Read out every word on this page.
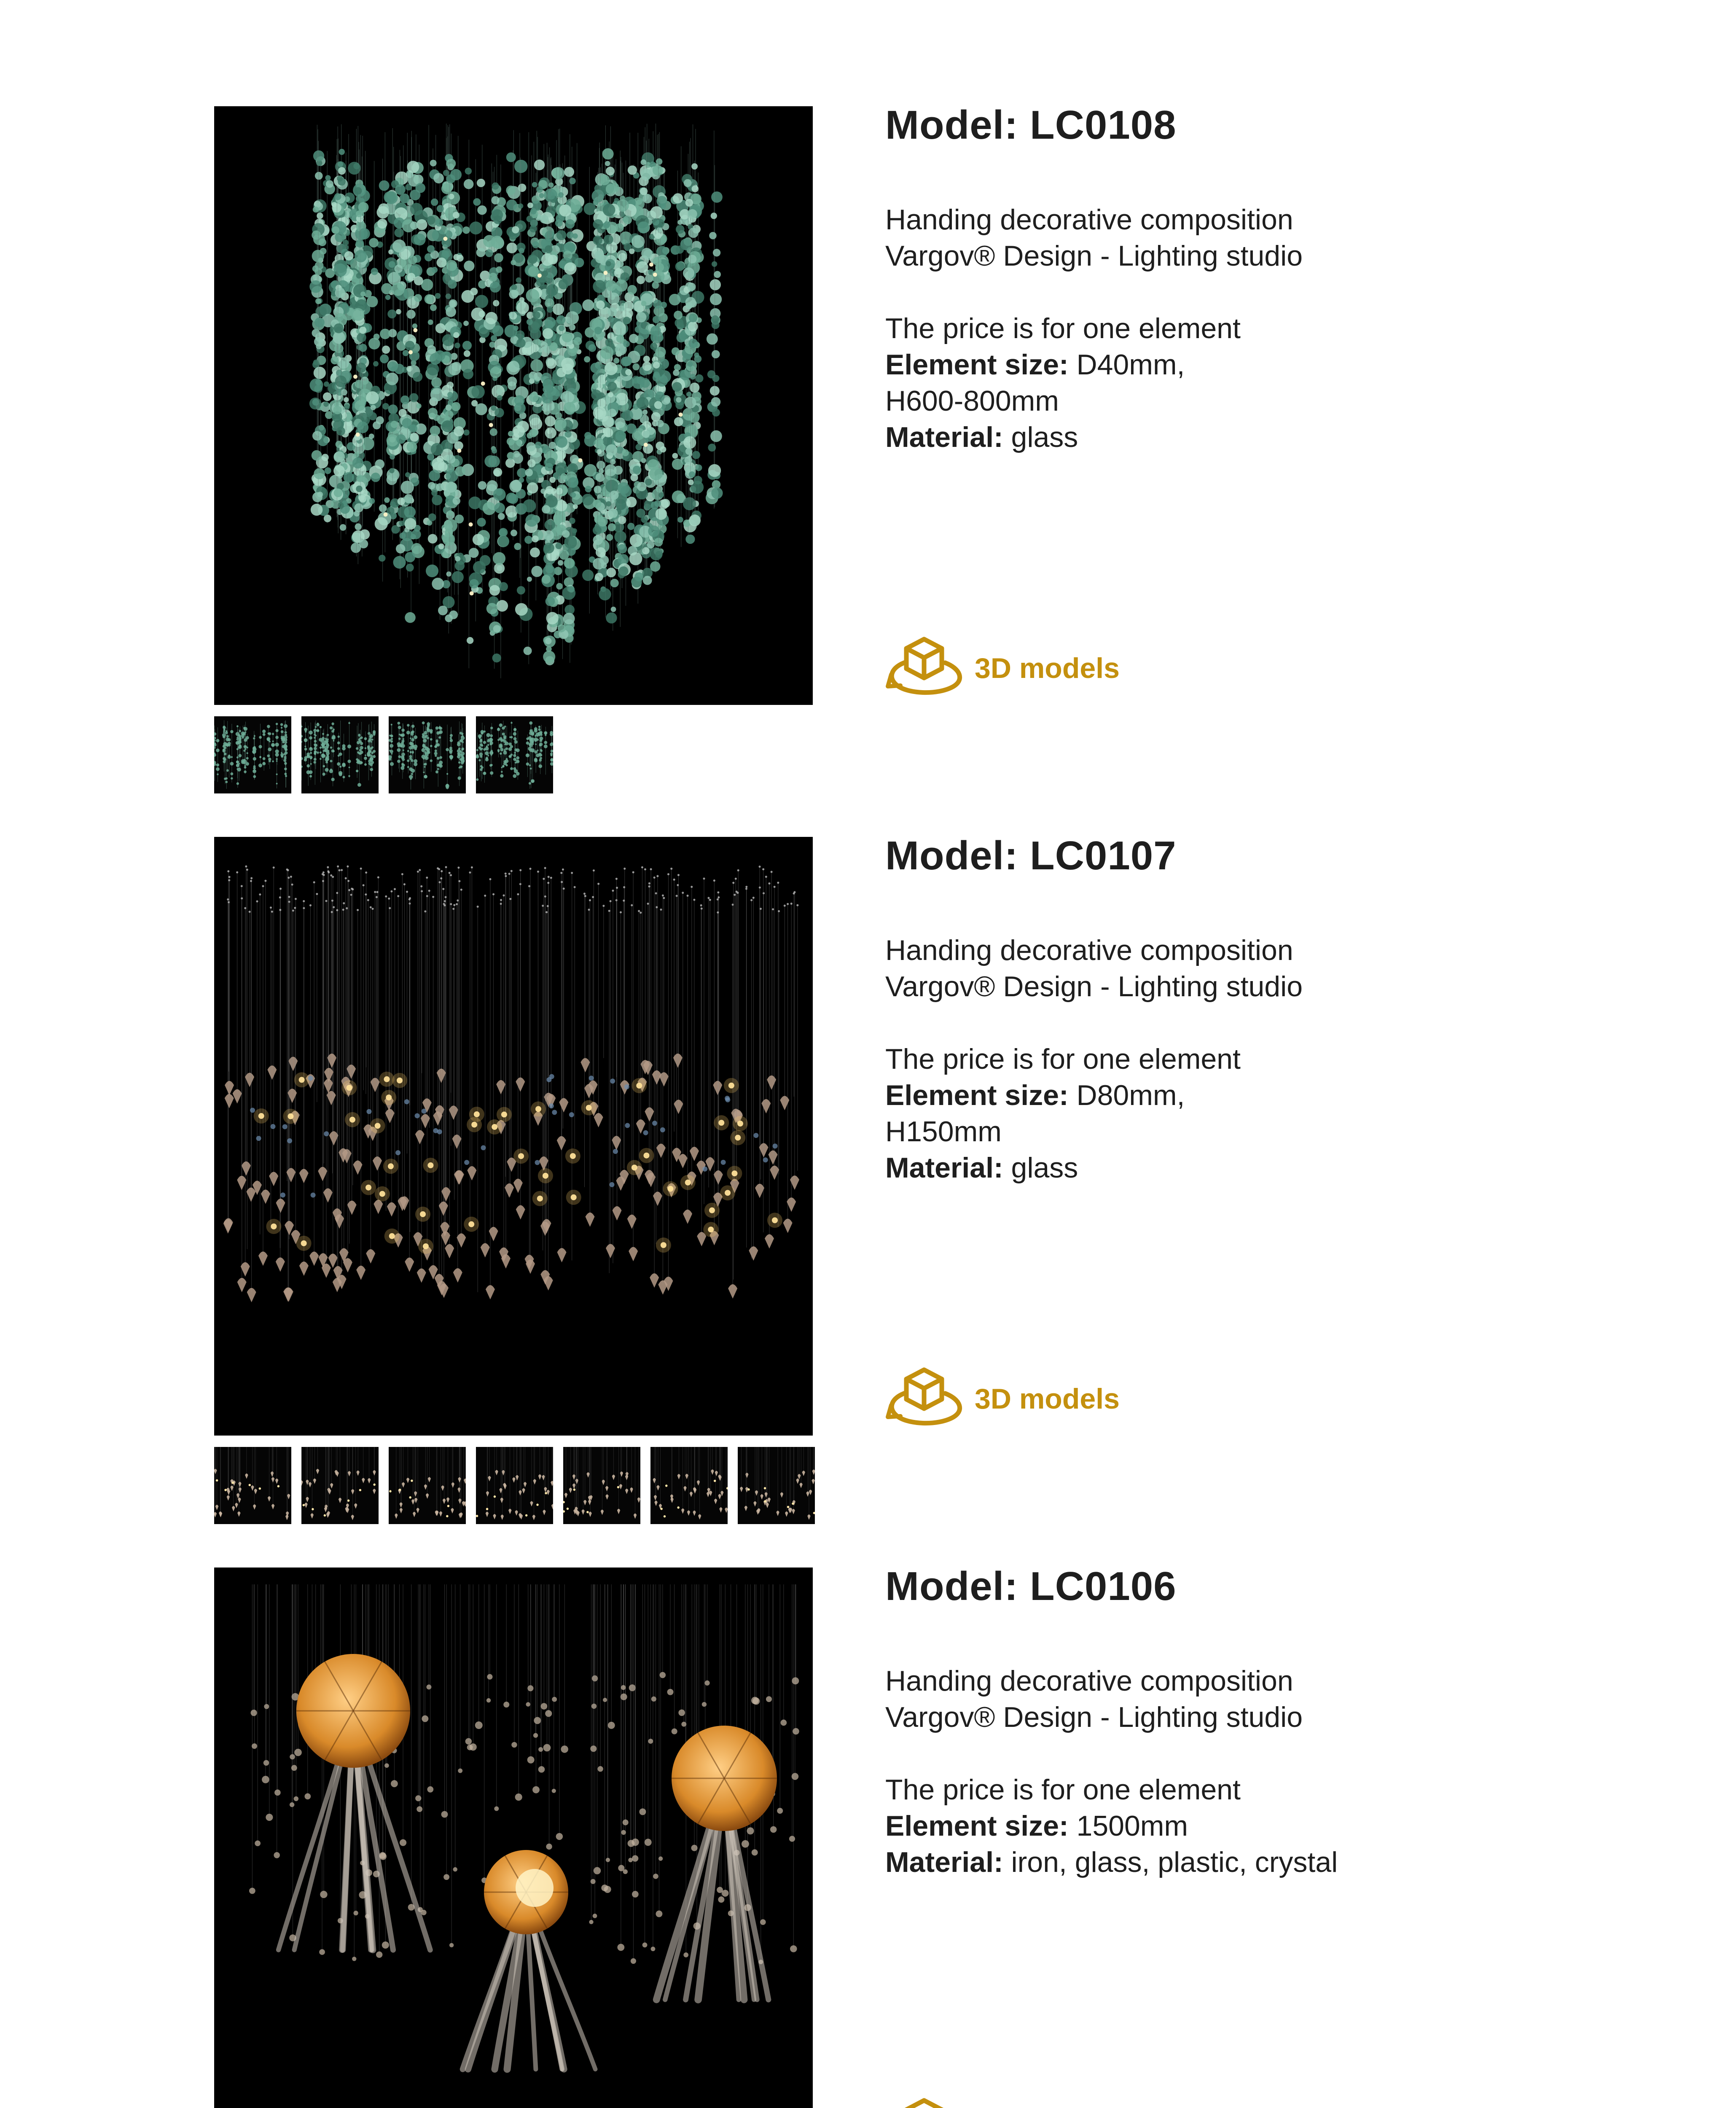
Model: LC0108
Handing decorative composition
Vargov® Design - Lighting studio
The price is for one element
Element size: D40mm,
H600-800mm
Material: glass
3D models
Model: LC0107
Handing decorative composition
Vargov® Design - Lighting studio
The price is for one element
Element size: D80mm,
H150mm
Material: glass
3D models
Model: LC0106
Handing decorative composition
Vargov® Design - Lighting studio
The price is for one element
Element size: 1500mm
Material: iron, glass, plastic, crystal
